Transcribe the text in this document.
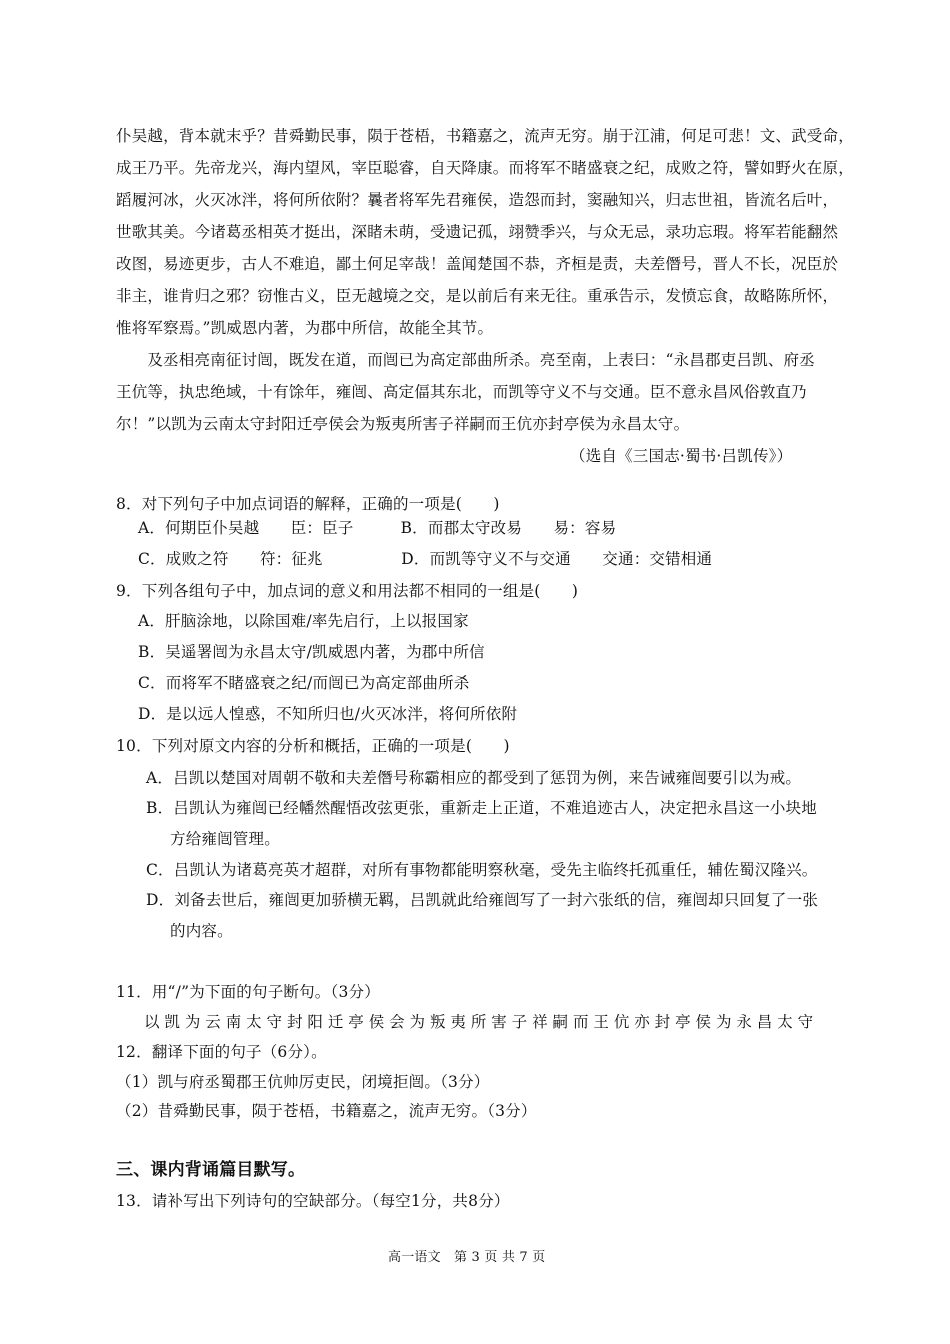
仆吴越，背本就末乎？昔舜勤民事，陨于苍梧，书籍嘉之，流声无穷。崩于江浦，何足可悲！文、武受命，
成王乃平。先帝龙兴，海内望风，宰臣聪睿，自天降康。而将军不睹盛衰之纪，成败之符，譬如野火在原，
蹈履河冰，火灭冰泮，将何所依附？曩者将军先君雍侯，造怨而封，窦融知兴，归志世祖，皆流名后叶，
世歌其美。今诸葛丞相英才挺出，深睹未萌，受遗记孤，翊赞季兴，与众无忌，录功忘瑕。将军若能翻然
改图，易迹更步，古人不难追，鄙土何足宰哉！盖闻楚国不恭，齐桓是责，夫差僭号，晋人不长，况臣於
非主，谁肯归之邪？窃惟古义，臣无越境之交，是以前后有来无往。重承告示，发愤忘食，故略陈所怀，
惟将军察焉。”凯威恩内著，为郡中所信，故能全其节。
　　及丞相亮南征讨闿，既发在道，而闿已为高定部曲所杀。亮至南，上表曰：“永昌郡吏吕凯、府丞
王伉等，执忠绝域，十有馀年，雍闿、高定偪其东北，而凯等守义不与交通。臣不意永昌风俗敦直乃
尔！”以凯为云南太守封阳迁亭侯会为叛夷所害子祥嗣而王伉亦封亭侯为永昌太守。
（选自《三国志·蜀书·吕凯传》）
8．对下列句子中加点词语的解释，正确的一项是(　　)
A．何期臣仆吴越　　臣：臣子　　　B．而郡太守改易　　易：容易
C．成败之符　　符：征兆　　　　　D．而凯等守义不与交通　　交通：交错相通
9．下列各组句子中，加点词的意义和用法都不相同的一组是(　　)
A．肝脑涂地，以除国难/率先启行，上以报国家
B．吴遥署闿为永昌太守/凯威恩内著，为郡中所信
C．而将军不睹盛衰之纪/而闿已为高定部曲所杀
D．是以远人惶惑，不知所归也/火灭冰泮，将何所依附
10．下列对原文内容的分析和概括，正确的一项是(　　)
A．吕凯以楚国对周朝不敬和夫差僭号称霸相应的都受到了惩罚为例，来告诫雍闿要引以为戒。
B．吕凯认为雍闿已经幡然醒悟改弦更张，重新走上正道，不难追迹古人，决定把永昌这一小块地
方给雍闿管理。
C．吕凯认为诸葛亮英才超群，对所有事物都能明察秋毫，受先主临终托孤重任，辅佐蜀汉隆兴。
D．刘备去世后，雍闿更加骄横无羁，吕凯就此给雍闿写了一封六张纸的信，雍闿却只回复了一张
的内容。
11．用“/”为下面的句子断句。（3分）
以 凯 为 云 南 太 守 封 阳 迁 亭 侯 会 为 叛 夷 所 害 子 祥 嗣 而 王 伉 亦 封 亭 侯 为 永 昌 太 守
12．翻译下面的句子（6分）。
（1）凯与府丞蜀郡王伉帅厉吏民，闭境拒闿。（3分）
（2）昔舜勤民事，陨于苍梧，书籍嘉之，流声无穷。（3分）
三、课内背诵篇目默写。
13．请补写出下列诗句的空缺部分。（每空1分，共8分）
高一语文　第 3 页 共 7 页
